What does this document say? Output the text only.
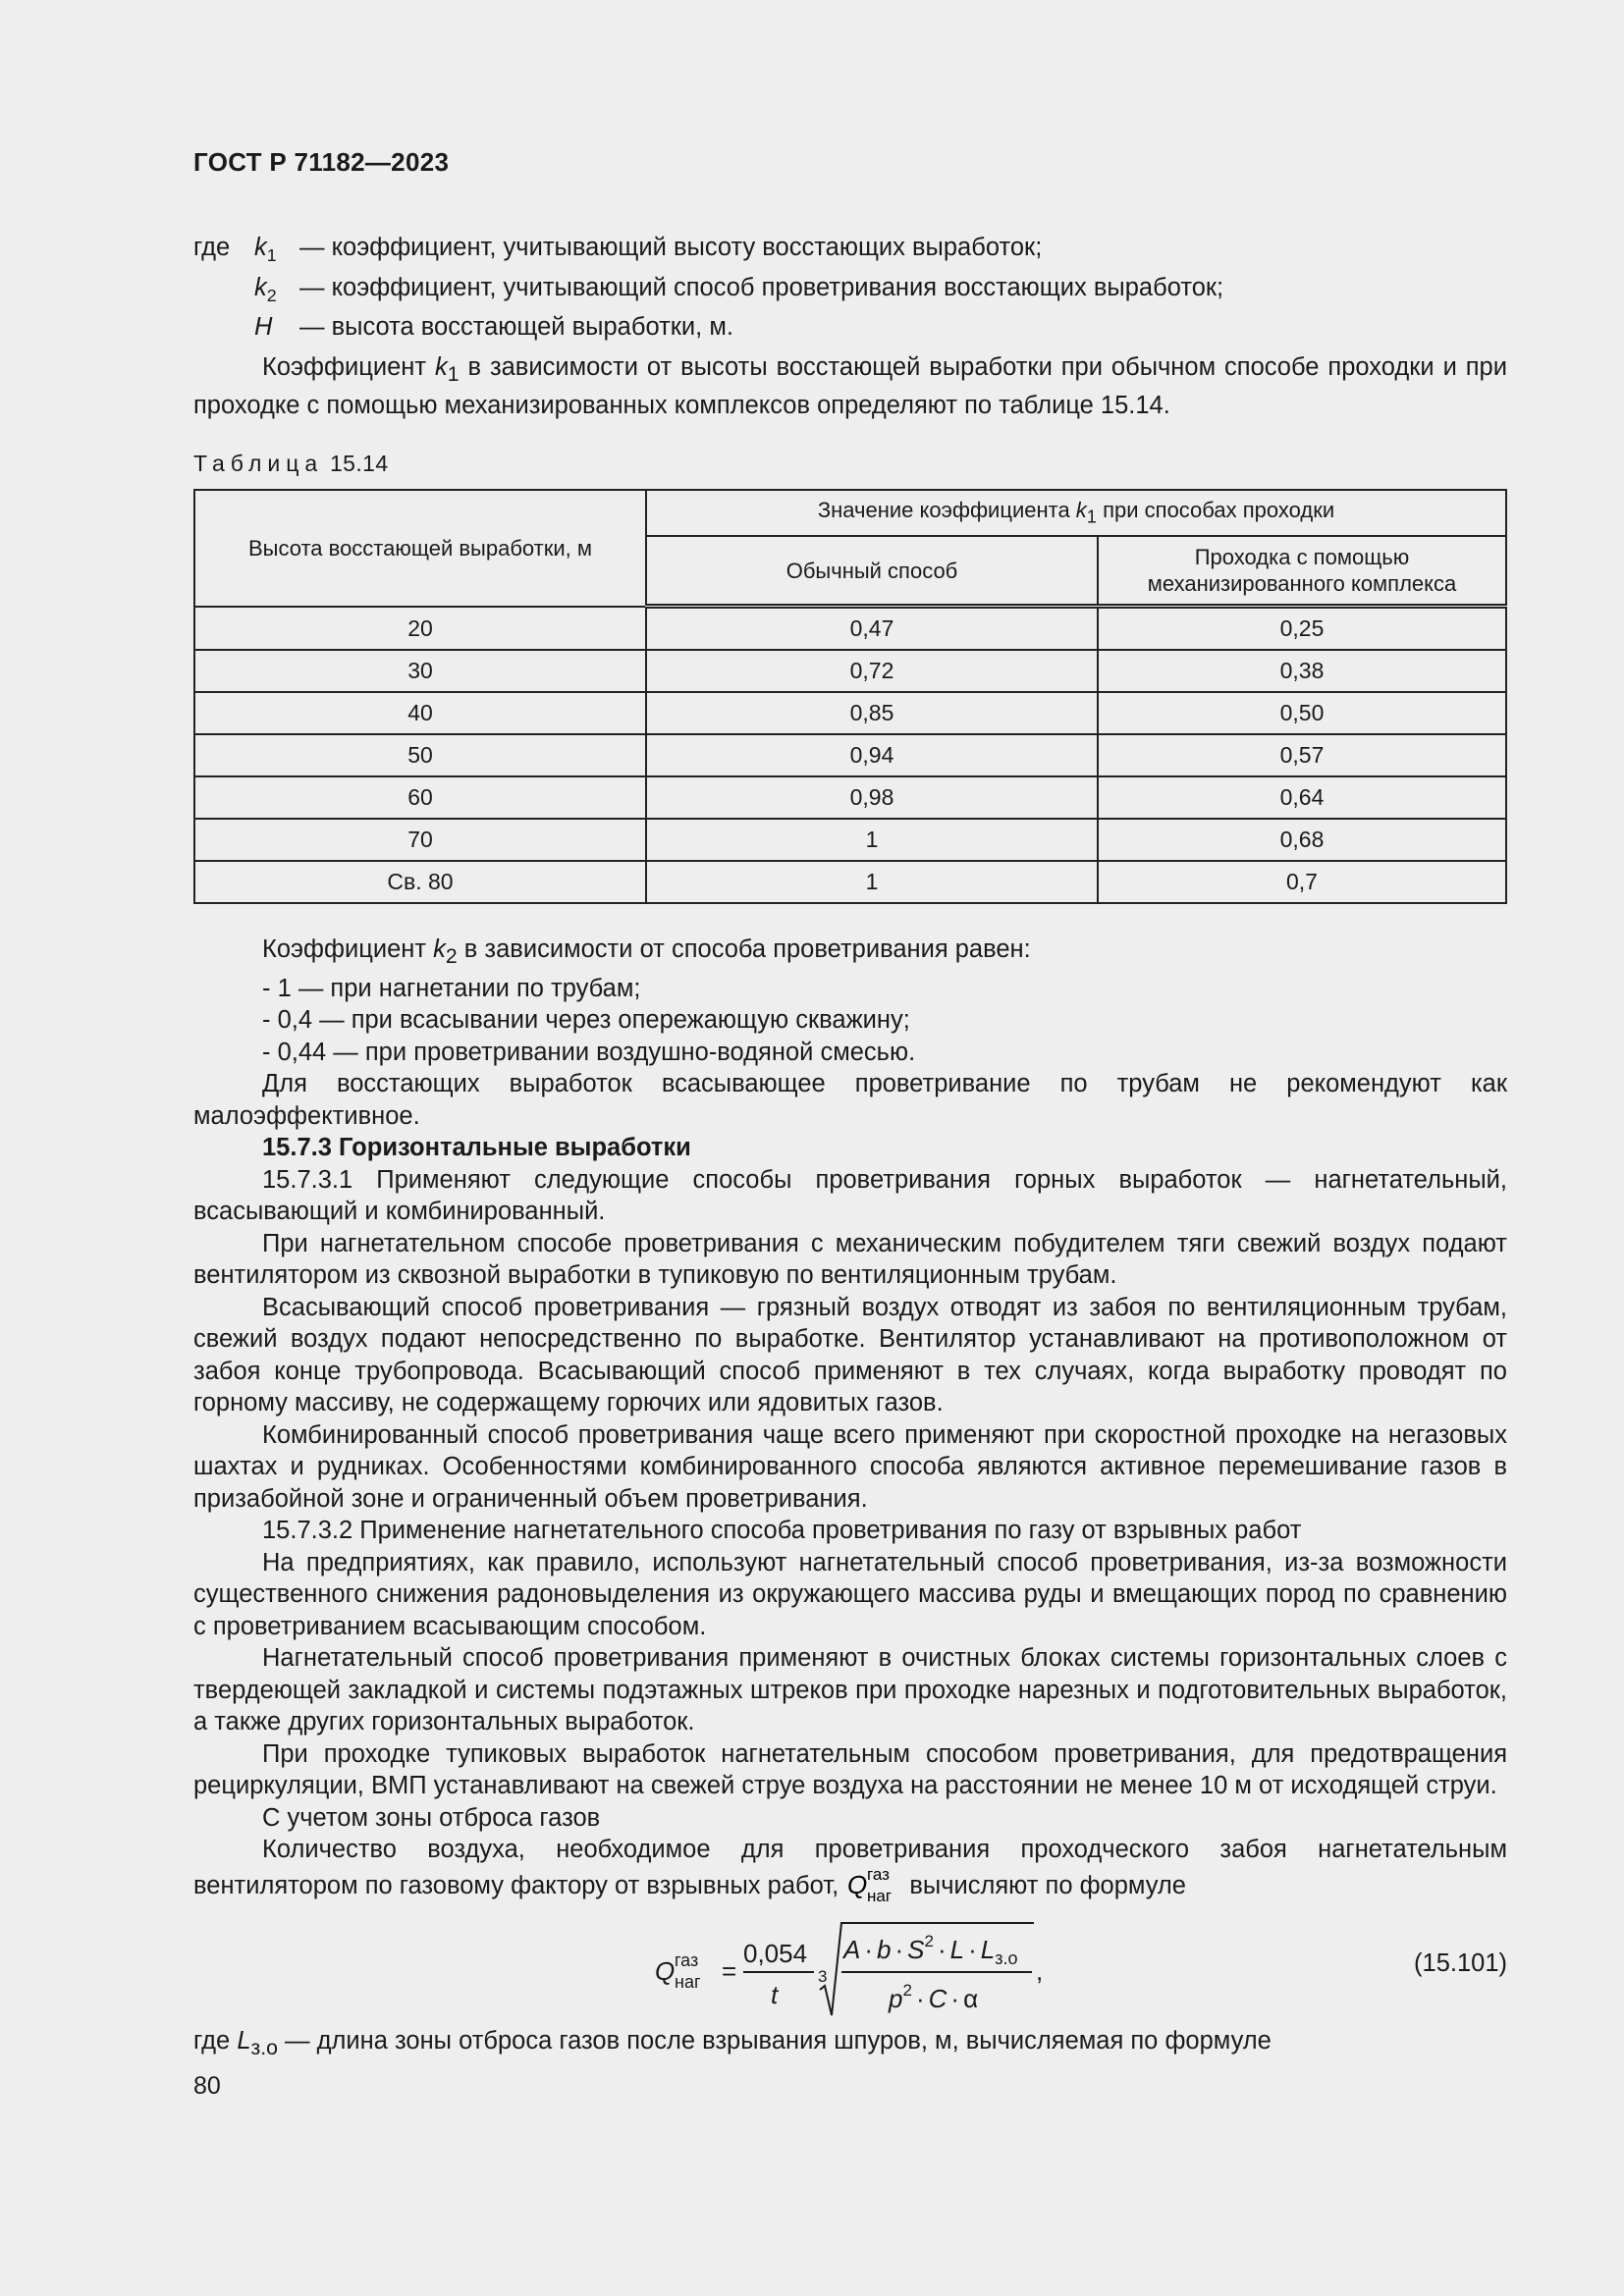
ГОСТ Р 71182—2023
где $k_1$ — коэффициент, учитывающий высоту восстающих выработок;
$k_2$ — коэффициент, учитывающий способ проветривания восстающих выработок;
H	— высота восстающей выработки, м.
Коэффициент $k_1$ в зависимости от высоты восстающей выработки при обычном способе проходки и при проходке с помощью механизированных комплексов определяют по таблице 15.14.
Таблица 15.14
Высота восстающей выработки, м	Значение коэффициента $k_1$ при способах проходки	
	Обычный способ	Проходка с помощью механизированного комплекса
20	0,47	0,25
30	0,72	0,38
40	0,85	0,50
50	0,94	0,57
60	0,98	0,64
70	1	0,68
Св. 80	1	0,7
Коэффициент $k_2$ в зависимости от способа проветривания равен:
- 1 — при нагнетании по трубам;
- 0,4 — при всасывании через опережающую скважину;
- 0,44 — при проветривании воздушно-водяной смесью.
Для восстающих выработок всасывающее проветривание по трубам не рекомендуют как малоэффективное.
15.7.3 Горизонтальные выработки
15.7.3.1 Применяют следующие способы проветривания горных выработок — нагнетательный, всасывающий и комбинированный.
При нагнетательном способе проветривания с механическим побудителем тяги свежий воздух подают вентилятором из сквозной выработки в тупиковую по вентиляционным трубам.
Всасывающий способ проветривания — грязный воздух отводят из забоя по вентиляционным трубам, свежий воздух подают непосредственно по выработке. Вентилятор устанавливают на противоположном от забоя конце трубопровода. Всасывающий способ применяют в тех случаях, когда выработку проводят по горному массиву, не содержащему горючих или ядовитых газов.
Комбинированный способ проветривания чаще всего применяют при скоростной проходке на негазовых шахтах и рудниках. Особенностями комбинированного способа являются активное перемешивание газов в призабойной зоне и ограниченный объем проветривания.
15.7.3.2 Применение нагнетательного способа проветривания по газу от взрывных работ
На предприятиях, как правило, используют нагнетательный способ проветривания, из-за возможности существенного снижения радоновыделения из окружающего массива руды и вмещающих пород по сравнению с проветриванием всасывающим способом.
Нагнетательный способ проветривания применяют в очистных блоках системы горизонтальных слоев с твердеющей закладкой и системы подэтажных штреков при проходке нарезных и подготовительных выработок, а также других горизонтальных выработок.
При проходке тупиковых выработок нагнетательным способом проветривания, для предотвращения рециркуляции, ВМП устанавливают на свежей струе воздуха на расстоянии не менее 10 м от исходящей струи.
С учетом зоны отброса газов
Количество воздуха, необходимое для проветривания проходческого забоя нагнетательным вентилятором по газовому фактору от взрывных работ, Q газ
наг вычисляют по формуле
Q газ
наг =
0,054
t
3
$A \cdot b \cdot S^2 \cdot L \cdot L_{з.о}$
$p^2 \cdot C \cdot \alpha$
,	(15.101)
где $L_{з.о}$ — длина зоны отброса газов после взрывания шпуров, м, вычисляемая по формуле
80
